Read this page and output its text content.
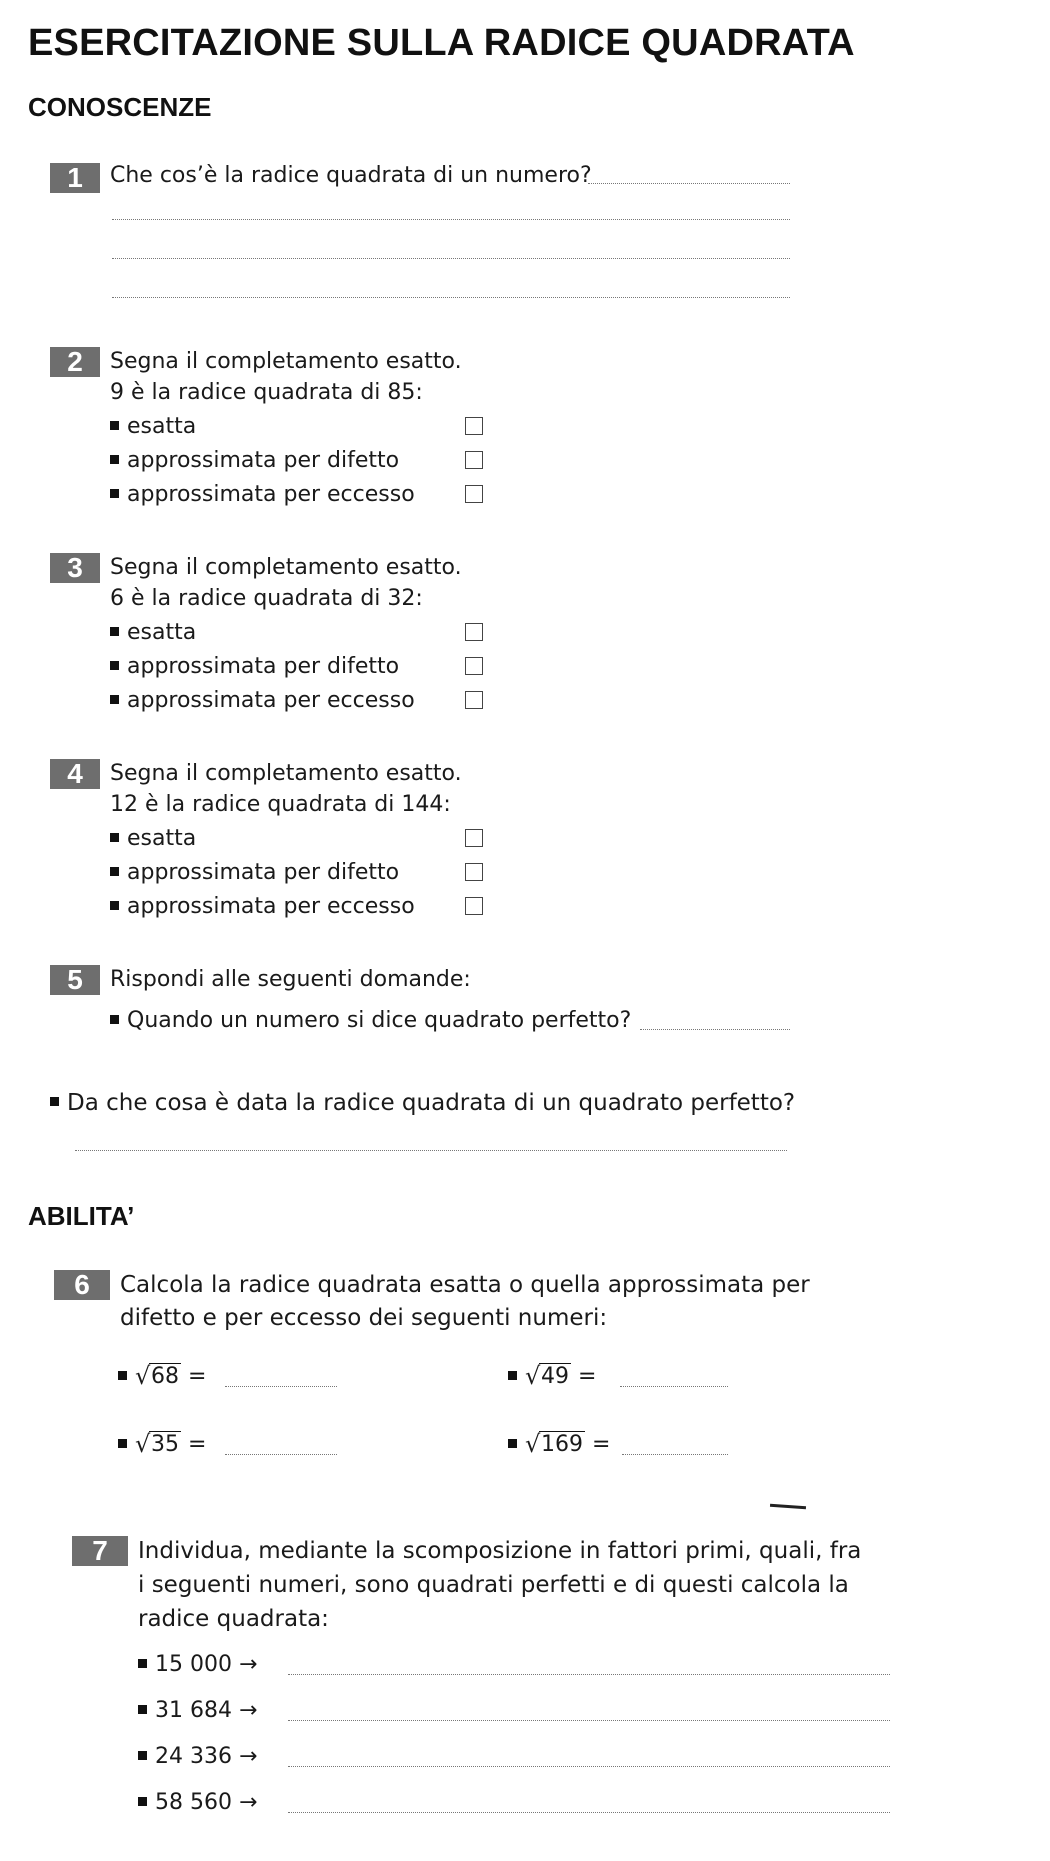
ESERCITAZIONE SULLA RADICE QUADRATA
CONOSCENZE
1	Che cos’è la radice quadrata di un numero?
2	Segna il completamento esatto.
9 è la radice quadrata di 85:
esatta
approssimata per difetto
approssimata per eccesso
3	Segna il completamento esatto.
6 è la radice quadrata di 32:
esatta
approssimata per difetto
approssimata per eccesso
4	Segna il completamento esatto.
12 è la radice quadrata di 144:
esatta
approssimata per difetto
approssimata per eccesso
5	Rispondi alle seguenti domande:
Quando un numero si dice quadrato perfetto?
Da che cosa è data la radice quadrata di un quadrato perfetto?
ABILITA’
6	Calcola la radice quadrata esatta o quella approssimata per
difetto e per eccesso dei seguenti numeri:
√ 68 =	√ 49 =
√ 35 =	√ 169 =
7	Individua, mediante la scomposizione in fattori primi, quali, fra
i seguenti numeri, sono quadrati perfetti e di questi calcola la
radice quadrata:
15 000 →
31 684 →
24 336 →
58 560 →
